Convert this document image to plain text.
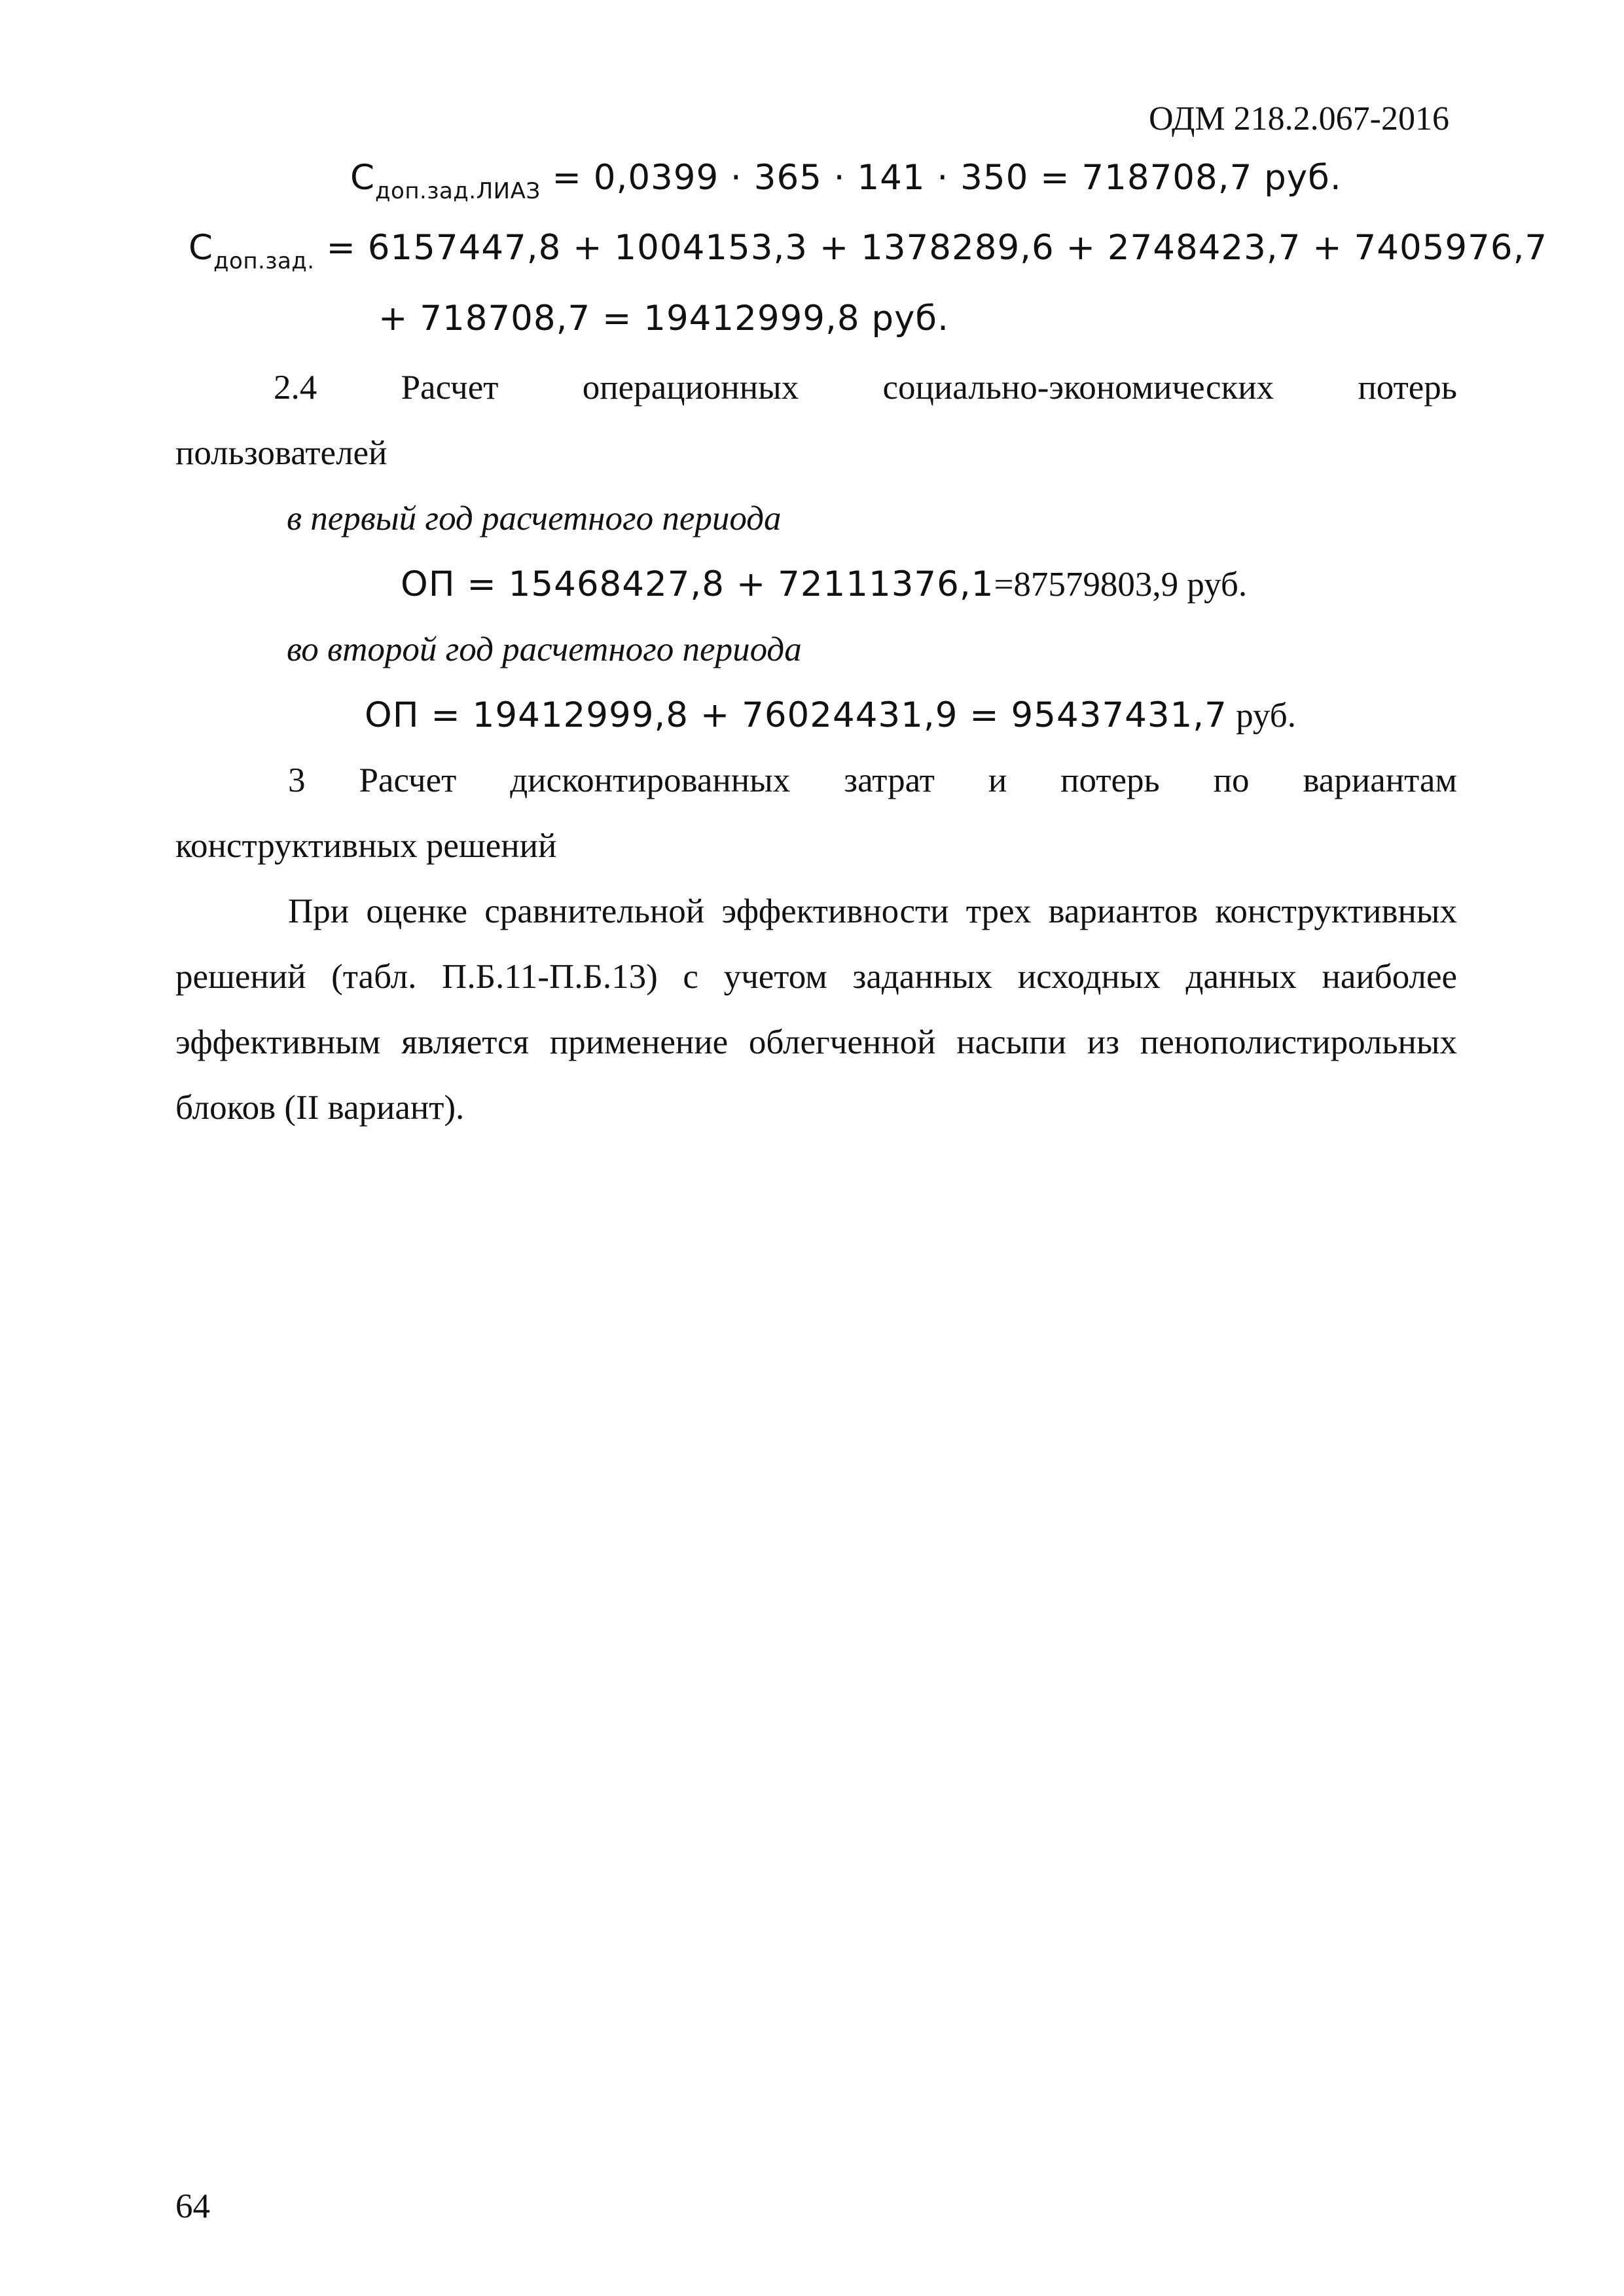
ОДМ 218.2.067-2016
$С_{доп.зад.ЛИАЗ} = 0,0399 \cdot 365 \cdot 141 \cdot 350 = 718708,7$ руб.
$С_{доп.зад.} = 6157447,8 + 1004153,3 + 1378289,6 + 2748423,7 + 7405976,7$
+ 718708,7 = 19412999,8 руб.
2.4 Расчет операционных социально-экономических потерь
пользователей
в первый год расчетного периода
ОП = 15468427,8 + 72111376,1=87579803,9 руб.
во второй год расчетного периода
ОП = 19412999,8 + 76024431,9 = 95437431,7 руб.
3 Расчет дисконтированных затрат и потерь по вариантам
конструктивных решений
При оценке сравнительной эффективности трех вариантов конструктивных решений (табл. П.Б.11-П.Б.13) с учетом заданных исходных данных наиболее эффективным является применение облегченной насыпи из пенополистирольных блоков (II вариант).
64
